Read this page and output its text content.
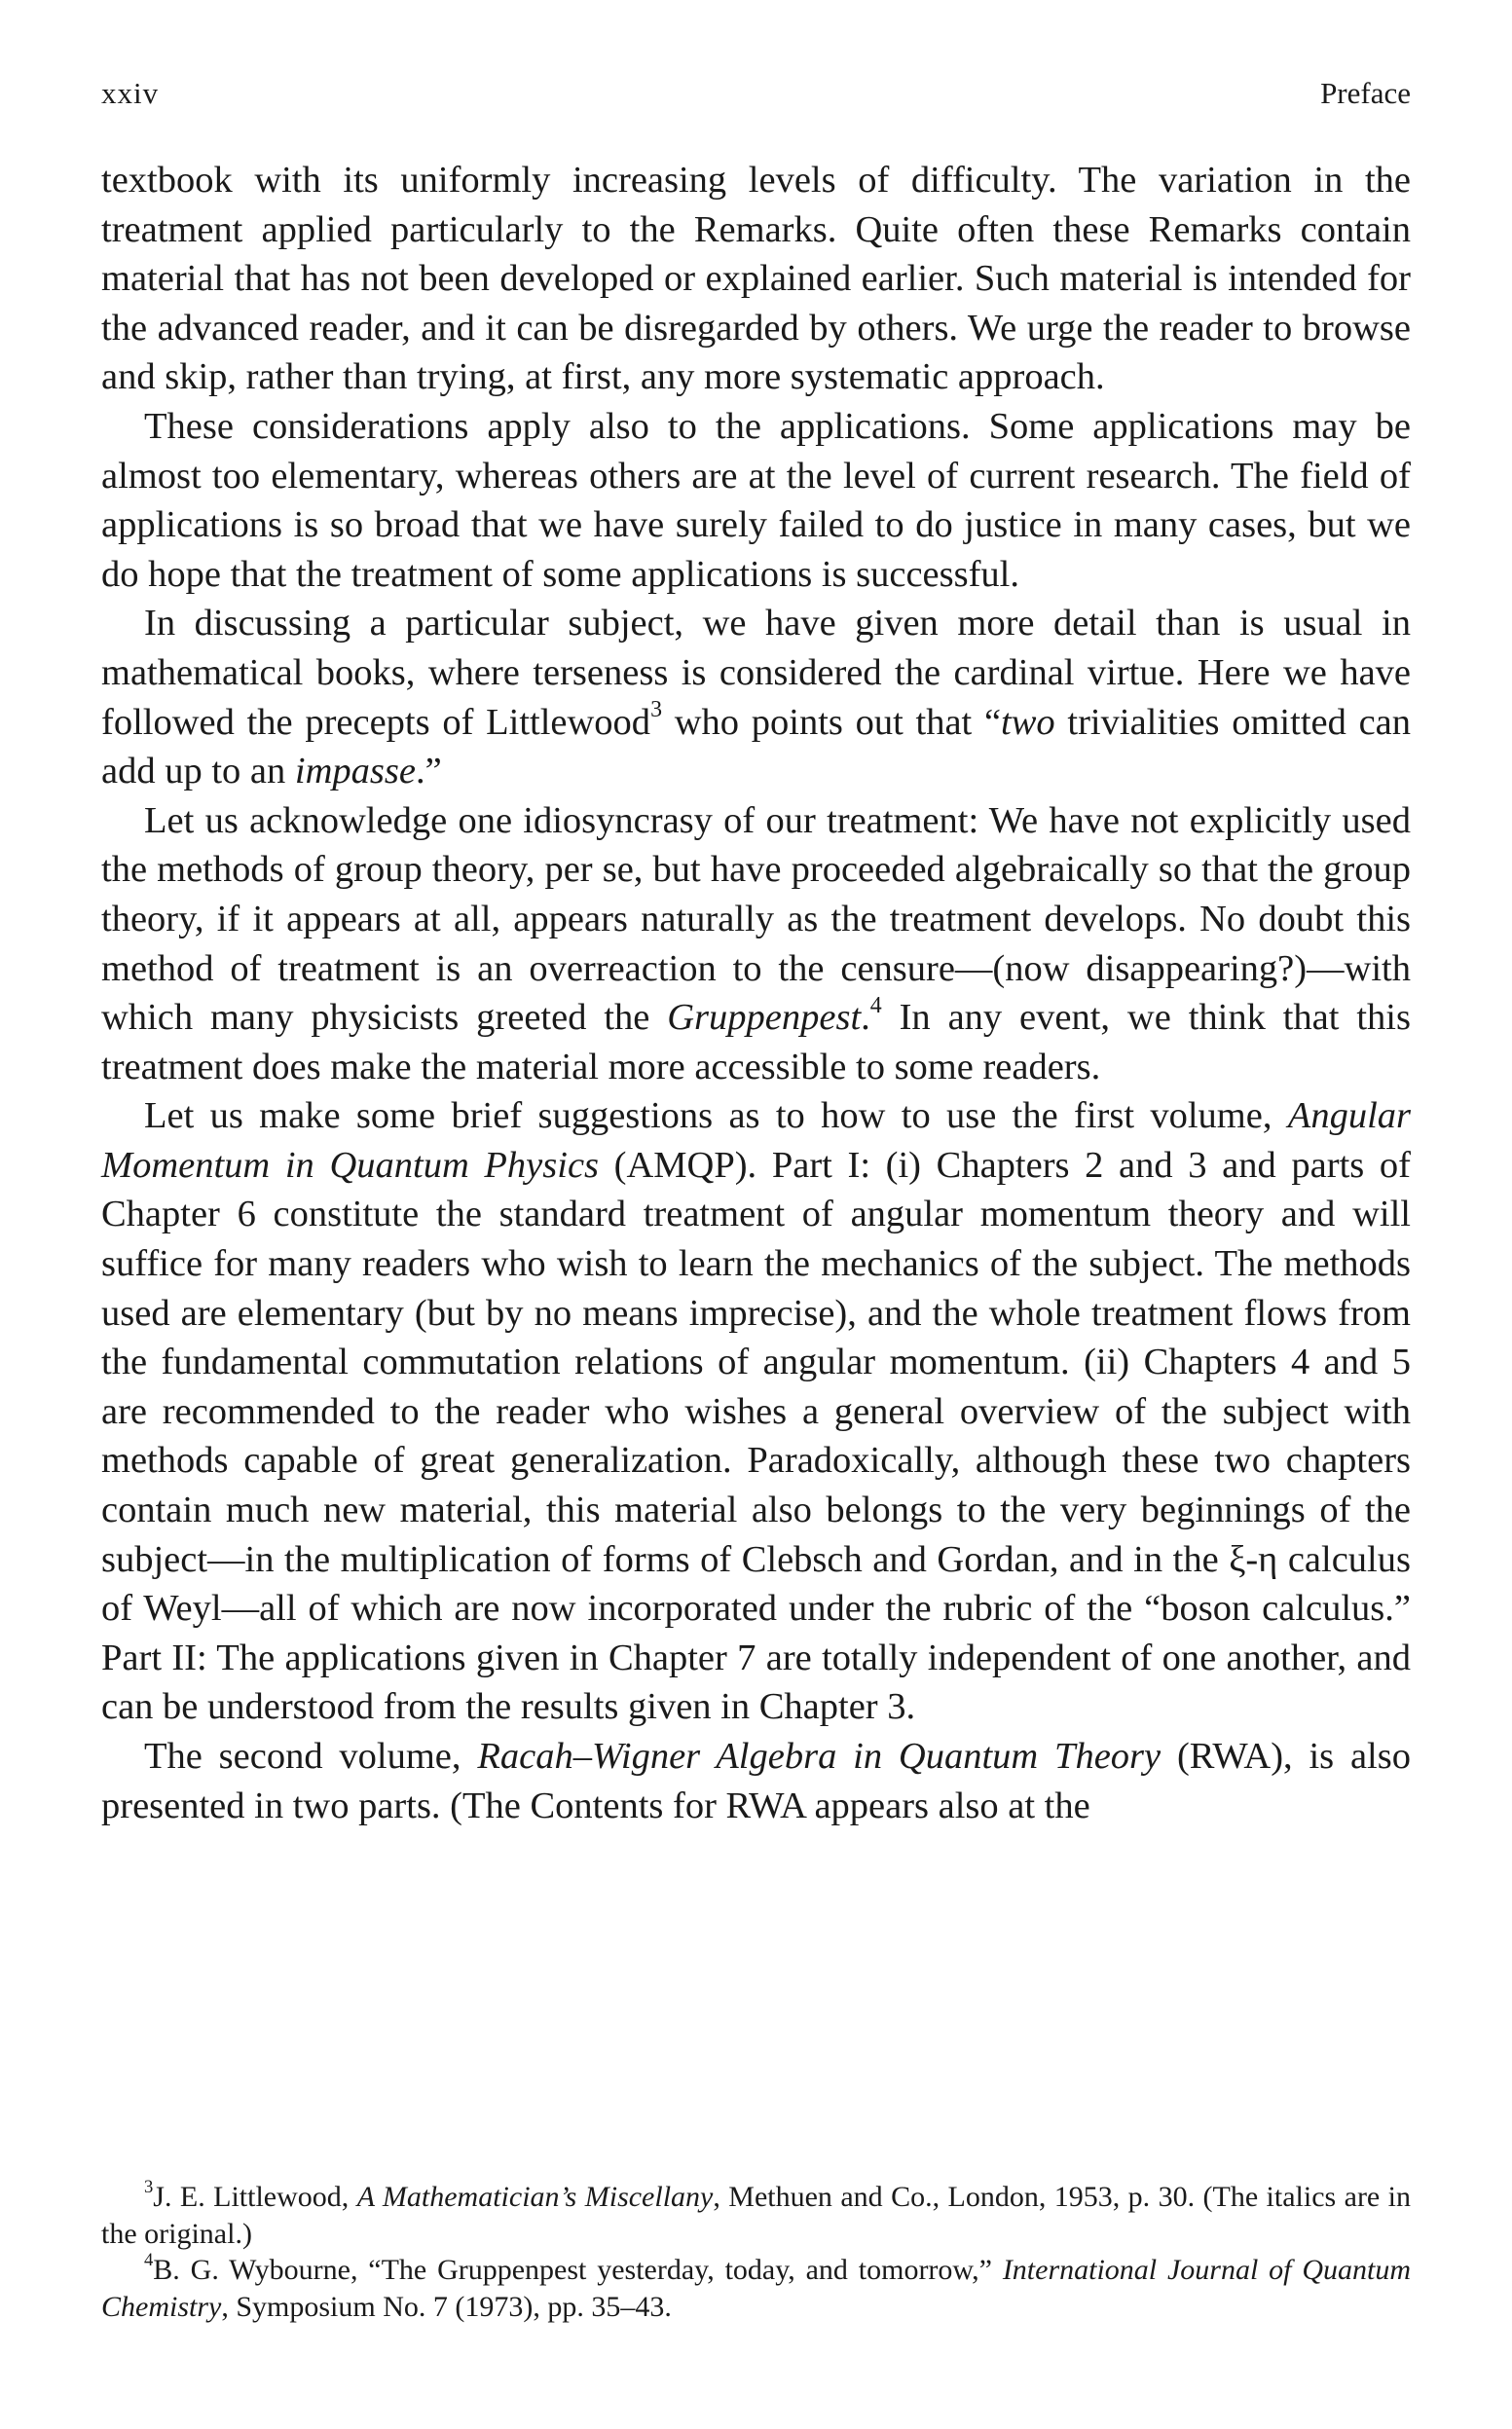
xxiv	Preface

textbook with its uniformly increasing levels of difficulty. The variation in the treatment applied particularly to the Remarks. Quite often these Remarks contain material that has not been developed or explained earlier. Such material is intended for the advanced reader, and it can be disregarded by others. We urge the reader to browse and skip, rather than trying, at first, any more systematic approach.

These considerations apply also to the applications. Some applications may be almost too elementary, whereas others are at the level of current research. The field of applications is so broad that we have surely failed to do justice in many cases, but we do hope that the treatment of some applications is successful.

In discussing a particular subject, we have given more detail than is usual in mathematical books, where terseness is considered the cardinal virtue. Here we have followed the precepts of Littlewood$^3$ who points out that “two trivialities omitted can add up to an impasse.”

Let us acknowledge one idiosyncrasy of our treatment: We have not explicitly used the methods of group theory, per se, but have proceeded algebraically so that the group theory, if it appears at all, appears naturally as the treatment develops. No doubt this method of treatment is an overreaction to the censure—(now disappearing?)—with which many physicists greeted the Gruppenpest.$^4$ In any event, we think that this treatment does make the material more accessible to some readers.

Let us make some brief suggestions as to how to use the first volume, Angular Momentum in Quantum Physics (AMQP). Part I: (i) Chapters 2 and 3 and parts of Chapter 6 constitute the standard treatment of angular momentum theory and will suffice for many readers who wish to learn the mechanics of the subject. The methods used are elementary (but by no means imprecise), and the whole treatment flows from the fundamental commutation relations of angular momentum. (ii) Chapters 4 and 5 are recommended to the reader who wishes a general overview of the subject with methods capable of great generalization. Paradoxically, although these two chapters contain much new material, this material also belongs to the very beginnings of the subject—in the multiplication of forms of Clebsch and Gordan, and in the ξ-η calculus of Weyl—all of which are now incorporated under the rubric of the “boson calculus.” Part II: The applications given in Chapter 7 are totally independent of one another, and can be understood from the results given in Chapter 3.

The second volume, Racah–Wigner Algebra in Quantum Theory (RWA), is also presented in two parts. (The Contents for RWA appears also at the

$^3$J. E. Littlewood, A Mathematician’s Miscellany, Methuen and Co., London, 1953, p. 30. (The italics are in the original.)

$^4$B. G. Wybourne, “The Gruppenpest yesterday, today, and tomorrow,” International Journal of Quantum Chemistry, Symposium No. 7 (1973), pp. 35–43.
